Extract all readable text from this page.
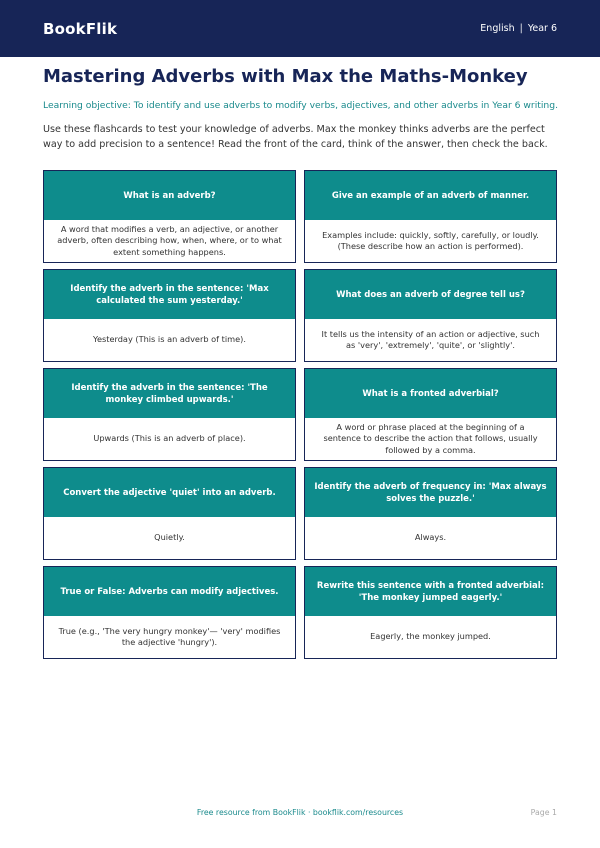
BookFlik	English | Year 6
Mastering Adverbs with Max the Maths-Monkey

Learning objective: To identify and use adverbs to modify verbs, adjectives, and other adverbs in Year 6 writing.

Use these flashcards to test your knowledge of adverbs. Max the monkey thinks adverbs are the perfect way to add precision to a sentence! Read the front of the card, think of the answer, then check the back.

What is an adverb?
A word that modifies a verb, an adjective, or another adverb, often describing how, when, where, or to what extent something happens.
Give an example of an adverb of manner.
Examples include: quickly, softly, carefully, or loudly. (These describe how an action is performed).
Identify the adverb in the sentence: 'Max calculated the sum yesterday.'
Yesterday (This is an adverb of time).
What does an adverb of degree tell us?
It tells us the intensity of an action or adjective, such as 'very', 'extremely', 'quite', or 'slightly'.
Identify the adverb in the sentence: 'The monkey climbed upwards.'
Upwards (This is an adverb of place).
What is a fronted adverbial?
A word or phrase placed at the beginning of a sentence to describe the action that follows, usually followed by a comma.
Convert the adjective 'quiet' into an adverb.
Quietly.
Identify the adverb of frequency in: 'Max always solves the puzzle.'
Always.
True or False: Adverbs can modify adjectives.
True (e.g., 'The very hungry monkey'— 'very' modifies the adjective 'hungry').
Rewrite this sentence with a fronted adverbial: 'The monkey jumped eagerly.'
Eagerly, the monkey jumped.
Free resource from BookFlik · bookflik.com/resources	Page 1
